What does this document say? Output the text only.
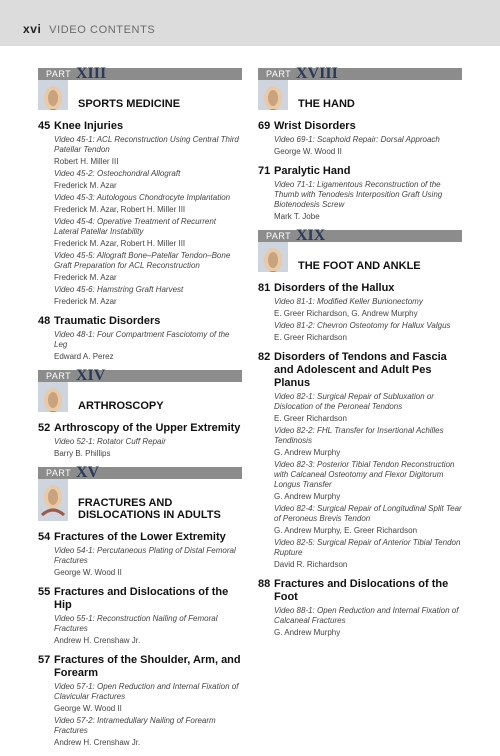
xvi VIDEO CONTENTS
PART XIII
SPORTS MEDICINE
45 Knee Injuries
Video 45-1: ACL Reconstruction Using Central Third Patellar Tendon
Robert H. Miller III
Video 45-2: Osteochondral Allograft
Frederick M. Azar
Video 45-3: Autologous Chondrocyte Implantation
Frederick M. Azar, Robert H. Miller III
Video 45-4: Operative Treatment of Recurrent Lateral Patellar Instability
Frederick M. Azar, Robert H. Miller III
Video 45-5: Allograft Bone–Patellar Tendon–Bone Graft Preparation for ACL Reconstruction
Frederick M. Azar
Video 45-6: Hamstring Graft Harvest
Frederick M. Azar
48 Traumatic Disorders
Video 48-1: Four Compartment Fasciotomy of the Leg
Edward A. Perez
PART XIV
ARTHROSCOPY
52 Arthroscopy of the Upper Extremity
Video 52-1: Rotator Cuff Repair
Barry B. Phillips
PART XV
FRACTURES AND DISLOCATIONS IN ADULTS
54 Fractures of the Lower Extremity
Video 54-1: Percutaneous Plating of Distal Femoral Fractures
George W. Wood II
55 Fractures and Dislocations of the Hip
Video 55-1: Reconstruction Nailing of Femoral Fractures
Andrew H. Crenshaw Jr.
57 Fractures of the Shoulder, Arm, and Forearm
Video 57-1: Open Reduction and Internal Fixation of Clavicular Fractures
George W. Wood II
Video 57-2: Intramedullary Nailing of Forearm Fractures
Andrew H. Crenshaw Jr.
PART XVIII
THE HAND
69 Wrist Disorders
Video 69-1: Scaphoid Repair: Dorsal Approach
George W. Wood II
71 Paralytic Hand
Video 71-1: Ligamentous Reconstruction of the Thumb with Tenodesis Interposition Graft Using Biotenodesis Screw
Mark T. Jobe
PART XIX
THE FOOT AND ANKLE
81 Disorders of the Hallux
Video 81-1: Modified Keller Bunionectomy
E. Greer Richardson, G. Andrew Murphy
Video 81-2: Chevron Osteotomy for Hallux Valgus
E. Greer Richardson
82 Disorders of Tendons and Fascia and Adolescent and Adult Pes Planus
Video 82-1: Surgical Repair of Subluxation or Dislocation of the Peroneal Tendons
E. Greer Richardson
Video 82-2: FHL Transfer for Insertional Achilles Tendinosis
G. Andrew Murphy
Video 82-3: Posterior Tibial Tendon Reconstruction with Calcaneal Osteotomy and Flexor Digitorum Longus Transfer
G. Andrew Murphy
Video 82-4: Surgical Repair of Longitudinal Split Tear of Peroneus Brevis Tendon
G. Andrew Murphy, E. Greer Richardson
Video 82-5: Surgical Repair of Anterior Tibial Tendon Rupture
David R. Richardson
88 Fractures and Dislocations of the Foot
Video 88-1: Open Reduction and Internal Fixation of Calcaneal Fractures
G. Andrew Murphy
